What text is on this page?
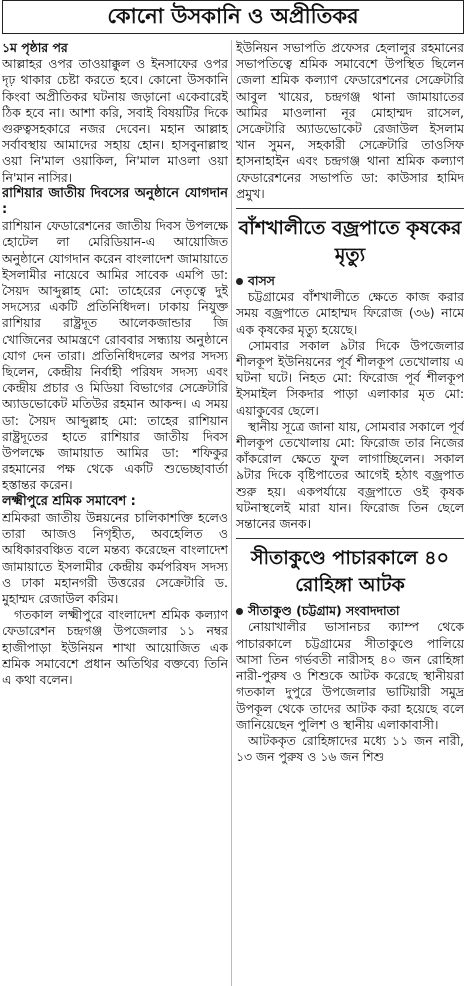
কোনো উসকানি ও অপ্রীতিকর
১ম পৃষ্ঠার পর

আল্লাহর ওপর তাওয়াক্কুল ও ইনসাফের ওপর দৃঢ় থাকার চেষ্টা করতে হবে। কোনো উসকানি কিংবা অপ্রীতিকর ঘটনায় জড়ানো একেবারেই ঠিক হবে না। আশা করি, সবাই বিষয়টির দিকে গুরুত্বসহকারে নজর দেবেন। মহান আল্লাহ সর্বাবস্থায় আমাদের সহায় হোন। হাসবুনাল্লাহু ওয়া নি'মাল ওয়াকিল, নি'মাল মাওলা ওয়া নি'মান নাসির।

রাশিয়ার জাতীয় দিবসের অনুষ্ঠানে যোগদান :

রাশিয়ান ফেডারেশনের জাতীয় দিবস উপলক্ষে হোটেল লা মেরিডিয়ান-এ আয়োজিত অনুষ্ঠানে যোগদান করেন বাংলাদেশ জামায়াতে ইসলামীর নায়েবে আমির সাবেক এমপি ডা: সৈয়দ আব্দুল্লাহ মো: তাহেরের নেতৃত্বে দুই সদস্যের একটি প্রতিনিধিদল। ঢাকায় নিযুক্ত রাশিয়ার রাষ্ট্রদূত আলেকজান্ডার জি খোজিনের আমন্ত্রণে রোববার সন্ধ্যায় অনুষ্ঠানে যোগ দেন তারা। প্রতিনিধিদলের অপর সদস্য ছিলেন, কেন্দ্রীয় নির্বাহী পরিষদ সদস্য এবং কেন্দ্রীয় প্রচার ও মিডিয়া বিভাগের সেক্রেটারি অ্যাডভোকেট মতিউর রহমান আকন্দ। এ সময় ডা: সৈয়দ আব্দুল্লাহ মো: তাহের রাশিয়ান রাষ্ট্রদূতের হাতে রাশিয়ার জাতীয় দিবস উপলক্ষে জামায়াত আমির ডা: শফিকুর রহমানের পক্ষ থেকে একটি শুভেচ্ছাবার্তা হস্তান্তর করেন।

লক্ষ্মীপুরে শ্রমিক সমাবেশ :

শ্রমিকরা জাতীয় উন্নয়নের চালিকাশক্তি হলেও তারা আজও নিগৃহীত, অবহেলিত ও অধিকারবঞ্চিত বলে মন্তব্য করেছেন বাংলাদেশ জামায়াতে ইসলামীর কেন্দ্রীয় কর্মপরিষদ সদস্য ও ঢাকা মহানগরী উত্তরের সেক্রেটারি ড. মুহাম্মদ রেজাউল করিম।

গতকাল লক্ষ্মীপুরে বাংলাদেশ শ্রমিক কল্যাণ ফেডারেশন চন্দ্রগঞ্জ উপজেলার ১১ নম্বর হাজীপাড়া ইউনিয়ন শাখা আয়োজিত এক শ্রমিক সমাবেশে প্রধান অতিথির বক্তব্যে তিনি এ কথা বলেন।

ইউনিয়ন সভাপতি প্রফেসর হেলালুর রহমানের সভাপতিত্বে শ্রমিক সমাবেশে উপস্থিত ছিলেন জেলা শ্রমিক কল্যাণ ফেডারেশনের সেক্রেটারি আবুল খায়ের, চন্দ্রগঞ্জ থানা জামায়াতের আমির মাওলানা নূর মোহাম্মদ রাসেল, সেক্রেটারি অ্যাডভোকেট রেজাউল ইসলাম খান সুমন, সহকারী সেক্রেটারি তাওসিফ হাসনাহাইন এবং চন্দ্রগঞ্জ থানা শ্রমিক কল্যাণ ফেডারেশনের সভাপতি ডা: কাউসার হামিদ প্রমুখ।

বাঁশখালীতে বজ্রপাতে কৃষকের মৃত্যু
বাসস

চট্টগ্রামের বাঁশখালীতে ক্ষেতে কাজ করার সময় বজ্রপাতে মোহাম্মদ ফিরোজ (৩৬) নামে এক কৃষকের মৃত্যু হয়েছে।

সোমবার সকাল ৯টার দিকে উপজেলার শীলকূপ ইউনিয়নের পূর্ব শীলকূপ তেখোলায় এ ঘটনা ঘটে। নিহত মো: ফিরোজ পূর্ব শীলকূপ ইসমাইল সিকদার পাড়া এলাকার মৃত মো: এয়াকুবের ছেলে।

স্থানীয় সূত্রে জানা যায়, সোমবার সকালে পূর্ব শীলকূপ তেখোলায় মো: ফিরোজ তার নিজের কাঁকরোল ক্ষেতে ফুল লাগাচ্ছিলেন। সকাল ৯টার দিকে বৃষ্টিপাতের আগেই হঠাৎ বজ্রপাত শুরু হয়। একপর্যায়ে বজ্রপাতে ওই কৃষক ঘটনাস্থলেই মারা যান। ফিরোজ তিন ছেলে সন্তানের জনক।

সীতাকুণ্ডে পাচারকালে ৪০ রোহিঙ্গা আটক
সীতাকুণ্ড (চট্টগ্রাম) সংবাদদাতা

নোয়াখালীর ভাসানচর ক্যাম্প থেকে পাচারকালে চট্টগ্রামের সীতাকুণ্ডে পালিয়ে আসা তিন গর্ভবতী নারীসহ ৪০ জন রোহিঙ্গা নারী-পুরুষ ও শিশুকে আটক করেছে স্থানীয়রা গতকাল দুপুরে উপজেলার ভাটিয়ারী সমুদ্র উপকূল থেকে তাদের আটক করা হয়েছে বলে জানিয়েছেন পুলিশ ও স্থানীয় এলাকাবাসী।

আটককৃত রোহিঙ্গাদের মধ্যে ১১ জন নারী, ১৩ জন পুরুষ ও ১৬ জন শিশু
